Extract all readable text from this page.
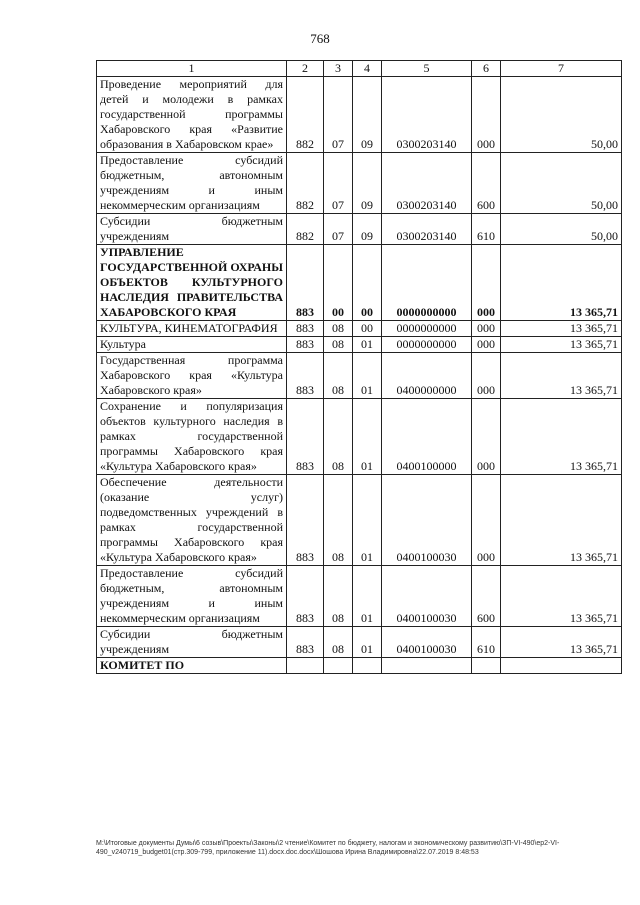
768
1	2	3	4	5	6	7
Проведение мероприятий для детей и молодежи в рамках государственной программы Хабаровского края «Развитие образования в Хабаровском крае»	882	07	09	0300203140	000	50,00
Предоставление субсидий бюджетным, автономным учреждениям и иным некоммерческим организациям	882	07	09	0300203140	600	50,00
Субсидии бюджетным учреждениям	882	07	09	0300203140	610	50,00
УПРАВЛЕНИЕ ГОСУДАРСТВЕННОЙ ОХРАНЫ ОБЪЕКТОВ КУЛЬТУРНОГО НАСЛЕДИЯ ПРАВИТЕЛЬСТВА ХАБАРОВСКОГО КРАЯ	883	00	00	0000000000	000	13 365,71
КУЛЬТУРА, КИНЕМАТОГРАФИЯ	883	08	00	0000000000	000	13 365,71
Культура	883	08	01	0000000000	000	13 365,71
Государственная программа Хабаровского края «Культура Хабаровского края»	883	08	01	0400000000	000	13 365,71
Сохранение и популяризация объектов культурного наследия в рамках государственной программы Хабаровского края «Культура Хабаровского края»	883	08	01	0400100000	000	13 365,71
Обеспечение деятельности (оказание услуг) подведомственных учреждений в рамках государственной программы Хабаровского края «Культура Хабаровского края»	883	08	01	0400100030	000	13 365,71
Предоставление субсидий бюджетным, автономным учреждениям и иным некоммерческим организациям	883	08	01	0400100030	600	13 365,71
Субсидии бюджетным учреждениям	883	08	01	0400100030	610	13 365,71
КОМИТЕТ ПО						
M:\Итоговые документы Думы\6 созыв\Проекты\Законы\2 чтение\Комитет по бюджету, налогам и экономическому развитию\ЗП-VI-490\ep2-VI-490_v240719_budget01(стр.309-799, приложение 11).docx.doc.docx\Шошова Ирина Владимировна\22.07.2019 8:48:53
